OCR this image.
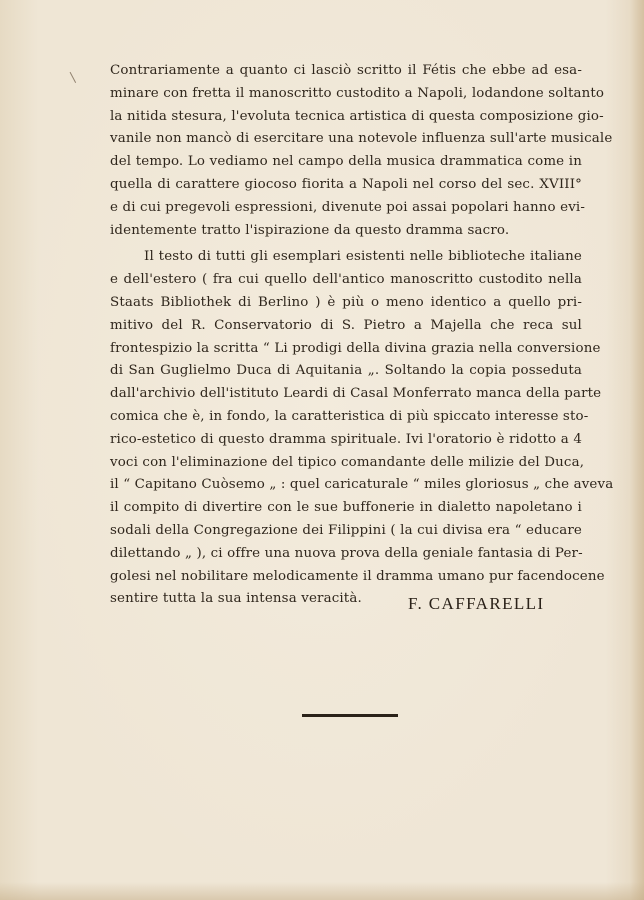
Contrariamente a quanto ci lasciò scritto il Fétis che ebbe ad esa-
minare con fretta il manoscritto custodito a Napoli, lodandone soltanto
la nitida stesura, l'evoluta tecnica artistica di questa composizione gio-
vanile non mancò di esercitare una notevole influenza sull'arte musicale
del tempo. Lo vediamo nel campo della musica drammatica come in
quella di carattere giocoso fiorita a Napoli nel corso del sec. XVIII°
e di cui pregevoli espressioni, divenute poi assai popolari hanno evi-
identemente tratto l'ispirazione da questo dramma sacro.
Il testo di tutti gli esemplari esistenti nelle biblioteche italiane
e dell'estero ( fra cui quello dell'antico manoscritto custodito nella
Staats Bibliothek di Berlino ) è più o meno identico a quello pri-
mitivo del R. Conservatorio di S. Pietro a Majella che reca sul
frontespizio la scritta “ Li prodigi della divina grazia nella conversione
di San Guglielmo Duca di Aquitania „. Soltando la copia posseduta
dall'archivio dell'istituto Leardi di Casal Monferrato manca della parte
comica che è, in fondo, la caratteristica di più spiccato interesse sto-
rico-estetico di questo dramma spirituale. Ivi l'oratorio è ridotto a 4
voci con l'eliminazione del tipico comandante delle milizie del Duca,
il “ Capitano Cuòsemo „ : quel caricaturale “ miles gloriosus „ che aveva
il compito di divertire con le sue buffonerie in dialetto napoletano i
sodali della Congregazione dei Filippini ( la cui divisa era “ educare
dilettando „ ), ci offre una nuova prova della geniale fantasia di Per-
golesi nel nobilitare melodicamente il dramma umano pur facendocene
sentire tutta la sua intensa veracità.	F. CAFFARELLI
